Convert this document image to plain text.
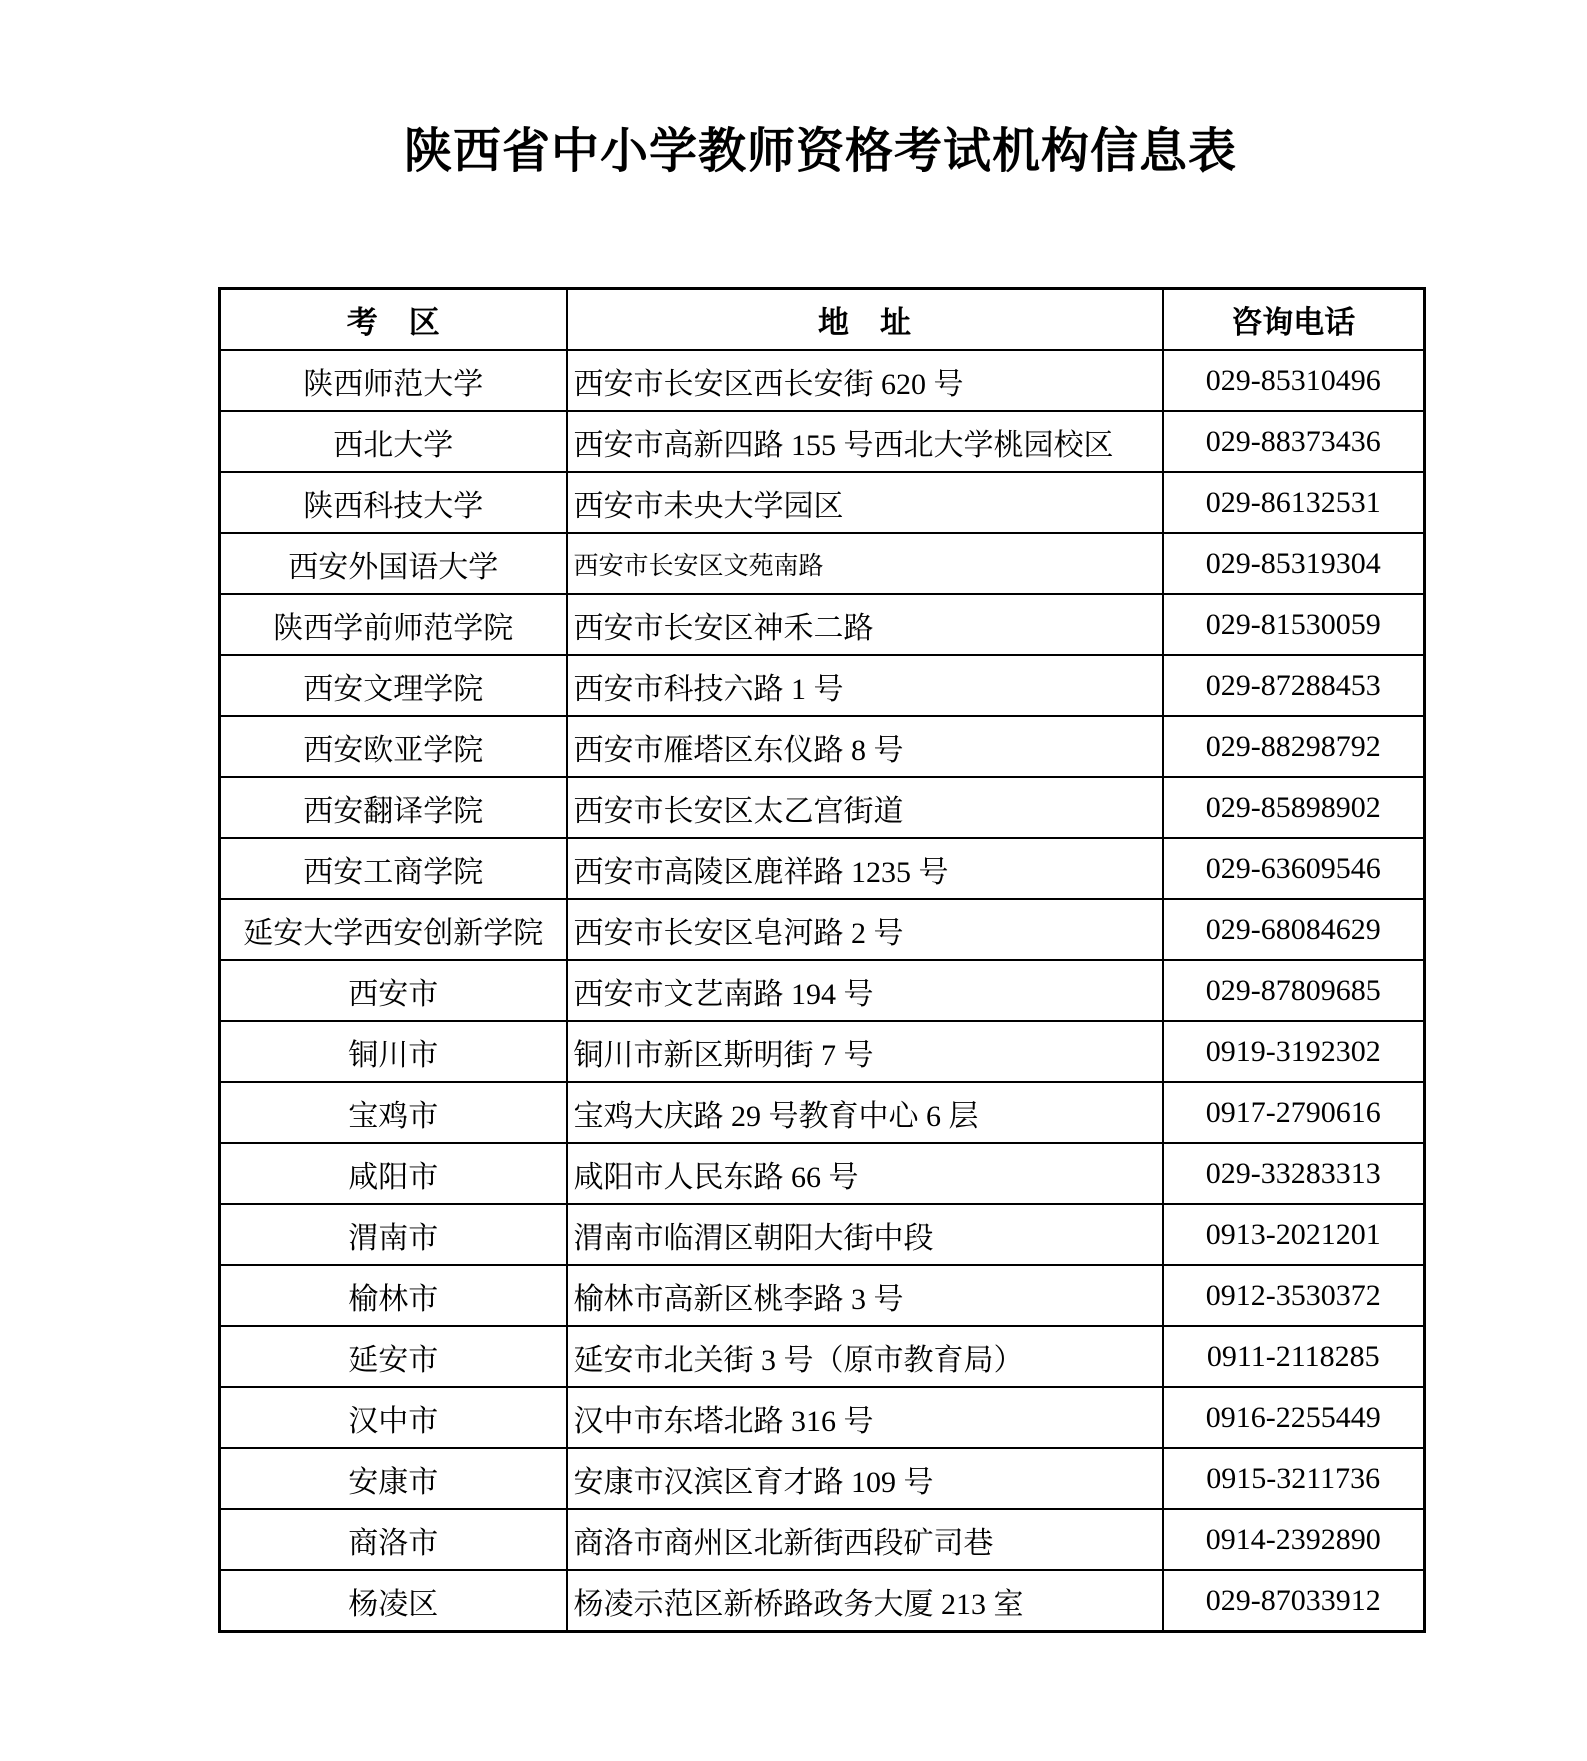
陕西省中小学教师资格考试机构信息表
考　区	地　址	咨询电话
陕西师范大学	西安市长安区西长安街 620 号	029-85310496
西北大学	西安市高新四路 155 号西北大学桃园校区	029-88373436
陕西科技大学	西安市未央大学园区	029-86132531
西安外国语大学	西安市长安区文苑南路	029-85319304
陕西学前师范学院	西安市长安区神禾二路	029-81530059
西安文理学院	西安市科技六路 1 号	029-87288453
西安欧亚学院	西安市雁塔区东仪路 8 号	029-88298792
西安翻译学院	西安市长安区太乙宫街道	029-85898902
西安工商学院	西安市高陵区鹿祥路 1235 号	029-63609546
延安大学西安创新学院	西安市长安区皂河路 2 号	029-68084629
西安市	西安市文艺南路 194 号	029-87809685
铜川市	铜川市新区斯明街 7 号	0919-3192302
宝鸡市	宝鸡大庆路 29 号教育中心 6 层	0917-2790616
咸阳市	咸阳市人民东路 66 号	029-33283313
渭南市	渭南市临渭区朝阳大街中段	0913-2021201
榆林市	榆林市高新区桃李路 3 号	0912-3530372
延安市	延安市北关街 3 号（原市教育局）	0911-2118285
汉中市	汉中市东塔北路 316 号	0916-2255449
安康市	安康市汉滨区育才路 109 号	0915-3211736
商洛市	商洛市商州区北新街西段矿司巷	0914-2392890
杨凌区	杨凌示范区新桥路政务大厦 213 室	029-87033912
